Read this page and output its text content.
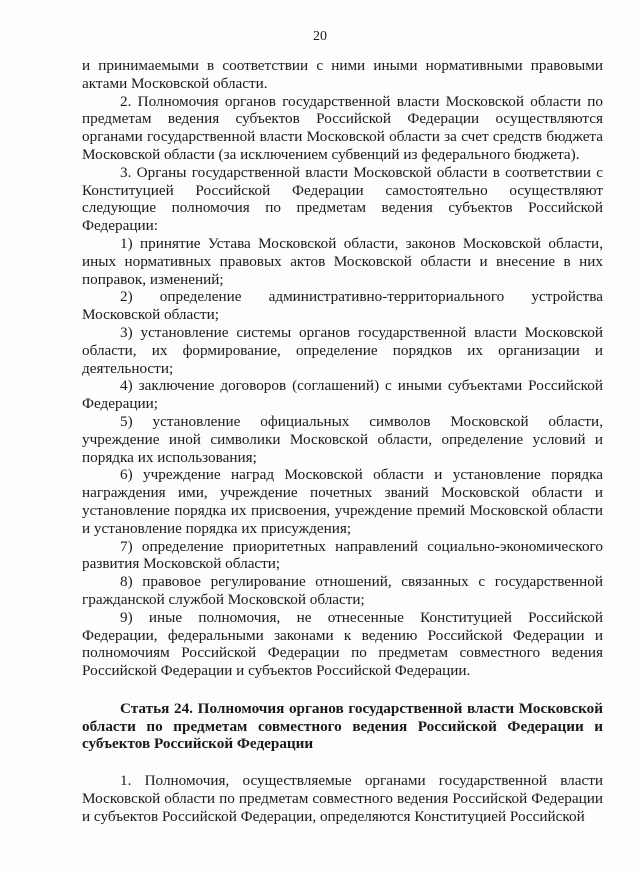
20

и принимаемыми в соответствии с ними иными нормативными правовыми актами Московской области.

2. Полномочия органов государственной власти Московской области по предметам ведения субъектов Российской Федерации осуществляются органами государственной власти Московской области за счет средств бюджета Московской области (за исключением субвенций из федерального бюджета).

3. Органы государственной власти Московской области в соответствии с Конституцией Российской Федерации самостоятельно осуществляют следующие полномочия по предметам ведения субъектов Российской Федерации:

1) принятие Устава Московской области, законов Московской области, иных нормативных правовых актов Московской области и внесение в них поправок, изменений;

2) определение административно-территориального устройства Московской области;

3) установление системы органов государственной власти Московской области, их формирование, определение порядков их организации и деятельности;

4) заключение договоров (соглашений) с иными субъектами Российской Федерации;

5) установление официальных символов Московской области, учреждение иной символики Московской области, определение условий и порядка их использования;

6) учреждение наград Московской области и установление порядка награждения ими, учреждение почетных званий Московской области и установление порядка их присвоения, учреждение премий Московской области и установление порядка их присуждения;

7) определение приоритетных направлений социально-экономического развития Московской области;

8) правовое регулирование отношений, связанных с государственной гражданской службой Московской области;

9) иные полномочия, не отнесенные Конституцией Российской Федерации, федеральными законами к ведению Российской Федерации и полномочиям Российской Федерации по предметам совместного ведения Российской Федерации и субъектов Российской Федерации.

Статья 24. Полномочия органов государственной власти Московской области по предметам совместного ведения Российской Федерации и субъектов Российской Федерации

1. Полномочия, осуществляемые органами государственной власти Московской области по предметам совместного ведения Российской Федерации и субъектов Российской Федерации, определяются Конституцией Российской
